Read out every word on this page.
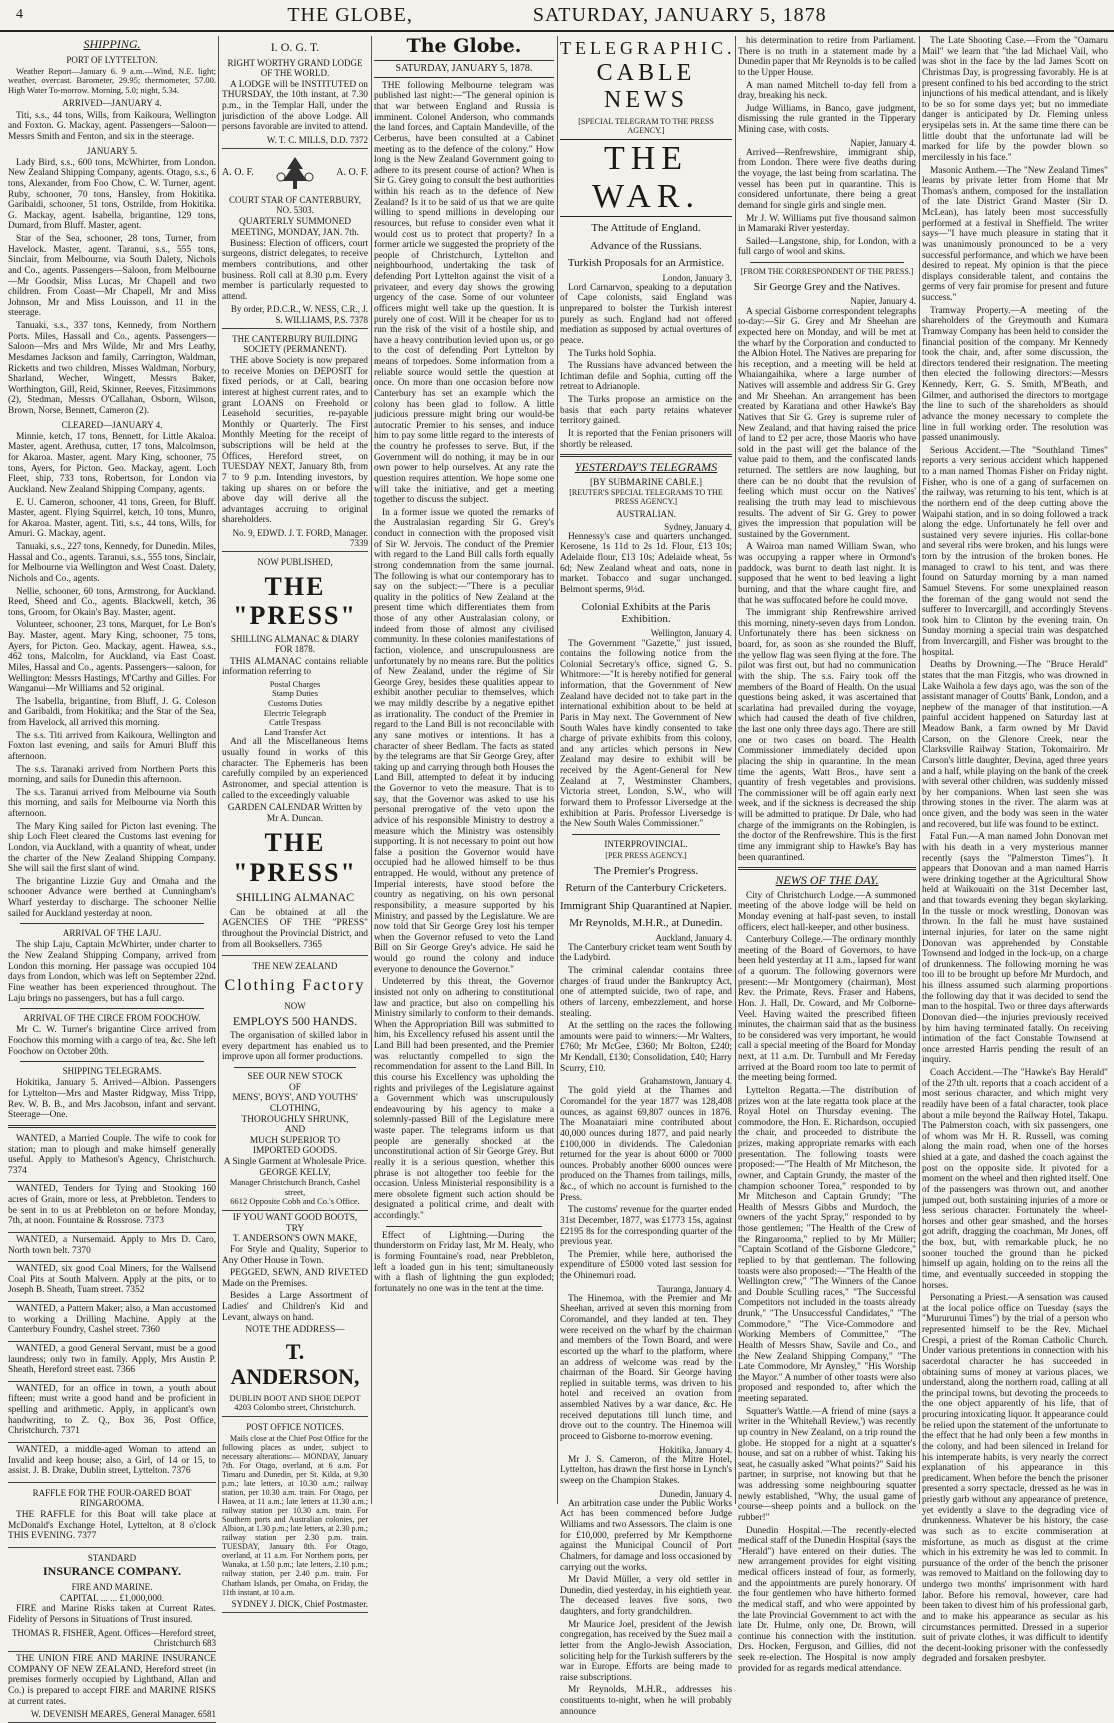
4	THE GLOBE,	SATURDAY, JANUARY 5, 1878
SHIPPING.
PORT OF LYTTELTON.

Weather Report—January 6. 9 a.m.—Wind, N.E. light; weather, overcast. Barometer, 29.95; thermometer, 57.00. High Water To-morrow. Morning, 5.0; night, 5.34.

ARRIVED—JANUARY 4.

Titi, s.s., 44 tons, Wills, from Kaikoura, Wellington and Foxton. G. Mackay, agent. Passengers—Saloon—Messrs Smith and Fenton, and six in the steerage.

JANUARY 5.

Lady Bird, s.s., 600 tons, McWhirter, from London. New Zealand Shipping Company, agents. Otago, s.s., 6 tons, Alexander, from Foo Chow, C. W. Turner, agent. Ruby, schooner, 70 tons, Hansley, from Hokitika. Garibaldi, schooner, 51 tons, Ostrilde, from Hokitika. G. Mackay, agent. Isabella, brigantine, 129 tons, Dumard, from Bluff. Master, agent.

Star of the Sea, schooner, 28 tons, Turner, from Havelock. Master, agent. Taranui, s.s., 555 tons, Sinclair, from Melbourne, via South Dalety, Nichols and Co., agents. Passengers—Saloon, from Melbourne—Mr Goodsir, Miss Lucas, Mr Chapell and two children. From Coast—Mr Chapell, Mr and Miss Johnson, Mr and Miss Louisson, and 11 in the steerage.

Tanuaki, s.s., 337 tons, Kennedy, from Northern Ports. Miles, Hassall and Co., agents. Passengers—Saloon—Mrs and Mrs Wilde, Mr and Mrs Leathy, Mesdames Jackson and family, Carrington, Waldman, Ricketts and two children, Misses Waldman, Norbury, Sharland, Wecher, Wingett, Messrs Baker, Worthington, Gill, Reid, Skinner, Reeves, Fitzsimmons (2), Stedman, Messrs O'Callahan, Osborn, Wilson, Brown, Norse, Bennett, Cameron (2).

CLEARED—JANUARY 4.

Minnie, ketch, 17 tons, Bennett, for Little Akaloa. Master, agent. Arethusa, cutter, 17 tons, Malcolmson, for Akaroa. Master, agent. Mary King, schooner, 75 tons, Ayers, for Picton. Geo. Mackay, agent. Loch Fleet, ship, 733 tons, Robertson, for London via Auckland. New Zealand Shipping Company, agents.

E. U. Cameron, schooner, 41 tons, Green, for Bluff. Master, agent. Flying Squirrel, ketch, 10 tons, Munro, for Akaroa. Master, agent. Titi, s.s., 44 tons, Wills, for Amuri. G. Mackay, agent.

Tanuaki, s.s., 227 tons, Kennedy, for Dunedin. Miles, Hassal and Co., agents. Taranui, s.s., 555 tons, Sinclair, for Melbourne via Wellington and West Coast. Dalety, Nichols and Co., agents.

Nellie, schooner, 60 tons, Armstrong, for Auckland. Reed, Sheed and Co., agents. Blackwell, ketch, 36 tons, Groom, for Okain's Bay. Master, agent.

Volunteer, schooner, 23 tons, Marquet, for Le Bon's Bay. Master, agent. Mary King, schooner, 75 tons, Ayers, for Picton. Geo. Mackay, agent. Hawea, s.s., 462 tons, Malcolm, for Auckland, via East Coast. Miles, Hassal and Co., agents. Passengers—saloon, for Wellington: Messrs Hastings, M'Carthy and Gilles. For Wanganui—Mr Williams and 52 original.

The Isabella, brigantine, from Bluff, J. G. Coleson and Garibaldi, from Hokitika; and the Star of the Sea, from Havelock, all arrived this morning.

The s.s. Titi arrived from Kaikoura, Wellington and Foxton last evening, and sails for Amuri Bluff this afternoon.

The s.s. Taranaki arrived from Northern Ports this morning, and sails for Dunedin this afternoon.

The s.s. Taranui arrived from Melbourne via South this morning, and sails for Melbourne via North this afternoon.

The Mary King sailed for Picton last evening. The ship Loch Fleet cleared the Customs last evening for London, via Auckland, with a quantity of wheat, under the charter of the New Zealand Shipping Company. She will sail the first slant of wind.

The brigantine Lizzie Guy and Omaha and the schooner Advance were berthed at Cunningham's Wharf yesterday to discharge. The schooner Nellie sailed for Auckland yesterday at noon.

ARRIVAL OF THE LAJU.

The ship Laju, Captain McWhirter, under charter to the New Zealand Shipping Company, arrived from London this morning. Her passage was occupied 104 days from London, which was left on September 22nd. Fine weather has been experienced throughout. The Laju brings no passengers, but has a full cargo.

ARRIVAL OF THE CIRCE FROM FOOCHOW.

Mr C. W. Turner's brigantine Circe arrived from Foochow this morning with a cargo of tea, &c. She left Foochow on October 20th.

SHIPPING TELEGRAMS.

Hokitika, January 5. Arrived—Albion. Passengers for Lyttelton—Mrs and Master Ridgway, Miss Tripp, Rev. W. B. B., and Mrs Jacobson, infant and servant. Steerage—One.

WANTED, a Married Couple. The wife to cook for station; man to plough and make himself generally useful. Apply to Matheson's Agency, Christchurch. 7374

WANTED, Tenders for Tying and Stooking 160 acres of Grain, more or less, at Prebbleton. Tenders to be sent in to us at Prebbleton on or before Monday, 7th, at noon. Fountaine & Rossrose. 7373

WANTED, a Nursemaid. Apply to Mrs D. Caro, North town belt. 7370

WANTED, six good Coal Miners, for the Wallsend Coal Pits at South Malvern. Apply at the pits, or to Joseph B. Sheath, Tuam street. 7352

WANTED, a Pattern Maker; also, a Man accustomed to working a Drilling Machine. Apply at the Canterbury Foundry, Cashel street. 7360

WANTED, a good General Servant, must be a good laundress; only two in family. Apply, Mrs Austin P. Sheath, Hereford street east. 7366

WANTED, for an office in town, a youth about fifteen; must write a good hand and be proficient in spelling and arithmetic. Apply, in applicant's own handwriting, to Z. Q., Box 36, Post Office, Christchurch. 7371

WANTED, a middle-aged Woman to attend an Invalid and keep house; also, a Girl, of 14 or 15, to assist. J. B. Drake, Dublin street, Lyttelton. 7376

RAFFLE FOR THE FOUR-OARED BOAT RINGAROOMA.

THE RAFFLE for this Boat will take place at McDonald's Exchange Hotel, Lyttelton, at 8 o'clock THIS EVENING. 7377

STANDARD
INSURANCE COMPANY.
FIRE AND MARINE.
CAPITAL ... ... £1,000,000.

FIRE and Marine Risks taken at Current Rates. Fidelity of Persons in Situations of Trust insured.

THOMAS R. FISHER, Agent. Offices—Hereford street, Christchurch 683

THE UNION FIRE AND MARINE INSURANCE COMPANY OF NEW ZEALAND, Hereford street (in premises formerly occupied by Lightband, Allan and Co.) is prepared to accept FIRE and MARINE RISKS at current rates.

W. DEVENISH MEARES, General Manager. 6581
I. O. G. T.
RIGHT WORTHY GRAND LODGE OF THE WORLD.

A LODGE will be INSTITUTED on THURSDAY, the 10th instant, at 7.30 p.m., in the Templar Hall, under the jurisdiction of the above Lodge. All persons favorable are invited to attend.

W. T. C. MILLS, D.D. 7372
A. O. F.	A. O. F.
COURT STAR OF CANTERBURY, NO. 5303.
QUARTERLY SUMMONED MEETING, MONDAY, JAN. 7th.

Business: Election of officers, court surgeons, district delegates, to receive members contributions, and other business. Roll call at 8.30 p.m. Every member is particularly requested to attend.

By order, P.D.C.R., W. NESS, C.R., J. S. WILLIAMS, P.S. 7378
THE CANTERBURY BUILDING SOCIETY (PERMANENT).

THE above Society is now prepared to receive Monies on DEPOSIT for fixed periods, or at Call, bearing interest at highest current rates, and to grant LOANS on Freehold or Leasehold securities, re-payable Monthly or Quarterly. The First Monthly Meeting for the receipt of subscriptions will be held at the Offices, Hereford street, on TUESDAY NEXT, January 8th, from 7 to 9 p.m. Intending investors, by taking up shares on or before the above day will derive all the advantages accruing to original shareholders.

No. 9, EDWD. J. T. FORD, Manager. 7339
NOW PUBLISHED,
THE "PRESS"
SHILLING ALMANAC & DIARY FOR 1878.

THIS ALMANAC contains reliable information referring to

Postal Charges
Stamp Duties
Customs Duties
Electric Telegraph
Cattle Trespass
Land Transfer Act

And all the Miscellaneous Items usually found in works of this character. The Ephemeris has been carefully compiled by an experienced Astronomer, and special attention is called to the exceedingly valuable

GARDEN CALENDAR Written by Mr A. Duncan.
THE "PRESS"
SHILLING ALMANAC

Can be obtained at all the AGENCIES OF THE "PRESS" throughout the Provincial District, and from all Booksellers. 7365

THE NEW ZEALAND
Clothing Factory
NOW
EMPLOYS 500 HANDS.

The organisation of skilled labor in every department has enabled us to improve upon all former productions.

SEE OUR NEW STOCK
OF
MENS', BOYS', AND YOUTHS'
CLOTHING,
THOROUGHLY SHRUNK,
AND
MUCH SUPERIOR TO
IMPORTED GOODS.
A Single Garment at Wholesale Price.
GEORGE KELLY,
Manager Christchurch Branch, Cashel street,
6612 Opposite Cobb and Co.'s Office.
IF YOU WANT GOOD BOOTS,
TRY
T. ANDERSON'S OWN MAKE,

For Style and Quality, Superior to Any Other House in Town.

PEGGED, SEWN, AND RIVETED Made on the Premises.

Besides a Large Assortment of Ladies' and Children's Kid and Levant, always on hand.

NOTE THE ADDRESS—
T. ANDERSON,
DUBLIN BOOT AND SHOE DEPOT
4203 Colombo street, Christchurch.
POST OFFICE NOTICES.

Mails close at the Chief Post Office for the following places as under, subject to necessary alterations:— MONDAY, January 7th. For Otago, overland, at 6 a.m. For Timaru and Dunedin, per St. Kilda, at 9.30 p.m.; late letters, at 10.30 a.m.; railway station, per 10.30 a.m. train. For Otago, per Hawea, at 11 a.m.; late letters at 11.30 a.m.; railway station per 10.30 a.m. train. For Southern ports and Australian colonies, per Albion, at 1.30 p.m.; late letters, at 2.30 p.m.; railway station per 2.30 p.m. train. TUESDAY, January 8th. For Otago, overland, at 11 a.m. For Northern ports, per Wanaka, at 1.50 p.m.; late letters, 2.10 p.m.; railway station, per 2.40 p.m. train. For Chatham Islands, per Omaha, on Friday, the 11th instant, at 10 a.m.

SYDNEY J. DICK, Chief Postmaster.
The Globe.
SATURDAY, JANUARY 5, 1878.

THE following Melbourne telegram was published last night:—"The general opinion is that war between England and Russia is imminent. Colonel Anderson, who commands the land forces, and Captain Mandeville, of the Cerberus, have been consulted at a Cabinet meeting as to the defence of the colony." How long is the New Zealand Government going to adhere to its present course of action? When is Sir G. Grey going to consult the best authorities within his reach as to the defence of New Zealand? Is it to be said of us that we are quite willing to spend millions in developing our resources, but refuse to consider even what it would cost us to protect that property? In a former article we suggested the propriety of the people of Christchurch, Lyttelton and neighbourhood, undertaking the task of defending Port Lyttelton against the visit of a privateer, and every day shows the growing urgency of the case. Some of our volunteer officers might well take up the question. It is purely one of cost. Will it be cheaper for us to run the risk of the visit of a hostile ship, and have a heavy contribution levied upon us, or go to the cost of defending Port Lyttelton by means of torpedoes. Some information from a reliable source would settle the question at once. On more than one occasion before now Canterbury has set an example which the colony has been glad to follow. A little judicious pressure might bring our would-be autocratic Premier to his senses, and induce him to pay some little regard to the interests of the country he professes to serve. But, if the Government will do nothing, it may be in our own power to help ourselves. At any rate the question requires attention. We hope some one will take the initiative, and get a meeting together to discuss the subject.

In a former issue we quoted the remarks of the Australasian regarding Sir G. Grey's conduct in connection with the proposed visit of Sir W. Jervois. The conduct of the Premier with regard to the Land Bill calls forth equally strong condemnation from the same journal. The following is what our contemporary has to say on the subject:—"There is a peculiar quality in the politics of New Zealand at the present time which differentiates them from those of any other Australasian colony, or indeed from those of almost any civilised community. In these colonies manifestations of faction, violence, and unscrupulousness are unfortunately by no means rare. But the politics of New Zealand, under the régime of Sir George Grey, besides these qualities appear to exhibit another peculiar to themselves, which we may mildly describe by a negative epithet as irrationality. The conduct of the Premier in regard to the Land Bill is not reconcilable with any sane motives or intentions. It has a character of sheer Bedlam. The facts as stated by the telegrams are that Sir George Grey, after taking up and carrying through both Houses the Land Bill, attempted to defeat it by inducing the Governor to veto the measure. That is to say, that the Governor was asked to use his personal prerogative of the veto upon the advice of his responsible Ministry to destroy a measure which the Ministry was ostensibly supporting. It is not necessary to point out how false a position the Governor would have occupied had he allowed himself to be thus entrapped. He would, without any pretence of Imperial interests, have stood before the country as negativing, on his own personal responsibility, a measure supported by his Ministry, and passed by the Legislature. We are now told that Sir George Grey lost his temper when the Governor refused to veto the Land Bill on Sir George Grey's advice. He said he would go round the colony and induce everyone to denounce the Governor."

Undeterred by this threat, the Governor insisted not only on adhering to constitutional law and practice, but also on compelling his Ministry similarly to conform to their demands. When the Appropriation Bill was submitted to him, his Excellency refused his assent until the Land Bill had been presented, and the Premier was reluctantly compelled to sign the recommendation for assent to the Land Bill. In this course his Excellency was upholding the rights and privileges of the Legislature against a Government which was unscrupulously endeavouring by his agency to make a solemnly-passed Bill of the Legislature mere waste paper. The telegrams inform us that people are generally shocked at the unconstitutional action of Sir George Grey. But really it is a serious question, whether this phrase is not altogether too feeble for the occasion. Unless Ministerial responsibility is a mere obsolete figment such action should be designated a political crime, and dealt with accordingly."

Effect of Lightning.—During the thunderstorm on Friday last, Mr M. Healy, who is forming Fountaine's road, near Prebbleton, left a loaded gun in his tent; simultaneously with a flash of lightning the gun exploded; fortunately no one was in the tent at the time.

TELEGRAPHIC.
CABLE NEWS
[SPECIAL TELEGRAM TO THE PRESS AGENCY.]
THE WAR.
The Attitude of England.
Advance of the Russians.
Turkish Proposals for an Armistice.
London, January 3.

Lord Carnarvon, speaking to a deputation of Cape colonists, said England was unprepared to bolster the Turkish interest purely as such. England had not offered mediation as supposed by actual overtures of peace.

The Turks hold Sophia.

The Russians have advanced between the Ichtiman defile and Sophia, cutting off the retreat to Adrianople.

The Turks propose an armistice on the basis that each party retains whatever territory gained.

It is reported that the Fenian prisoners will shortly be released.

YESTERDAY'S TELEGRAMS
[BY SUBMARINE CABLE.]
[REUTER'S SPECIAL TELEGRAMS TO THE PRESS AGENCY.]
AUSTRALIAN.
Sydney, January 4.

Hennessy's case and quarters unchanged. Kerosene, 1s 11d to 2s 1d. Flour, £13 10s; Adelaide flour, £13 10s; Adelaide wheat, 5s 6d; New Zealand wheat and oats, none in market. Tobacco and sugar unchanged. Belmont sperms, 9½d.

Colonial Exhibits at the Paris Exhibition.
Wellington, January 4.

The Government "Gazette," just issued, contains the following notice from the Colonial Secretary's office, signed G. S. Whitmore:—"It is hereby notified for general information, that the Government of New Zealand have decided not to take part in the international exhibition about to be held at Paris in May next. The Government of New South Wales have kindly consented to take charge of private exhibits from this colony, and any articles which persons in New Zealand may desire to exhibit will be received by the Agent-General for New Zealand at 7, Westminster Chambers, Victoria street, London, S.W., who will forward them to Professor Liversedge at the exhibition at Paris. Professor Liversedge is the New South Wales Commissioner."

INTERPROVINCIAL.
[PER PRESS AGENCY.]
The Premier's Progress.
Return of the Canterbury Cricketers.
Immigrant Ship Quarantined at Napier.
Mr Reynolds, M.H.R., at Dunedin.
Auckland, January 4.

The Canterbury cricket team went South by the Ladybird.

The criminal calendar contains three charges of fraud under the Bankruptcy Act, one of attempted suicide, two of rape, and others of larceny, embezzlement, and horse stealing.

At the settling on the races the following amounts were paid to winners:—Mr Walters, £760; Mr McGee, £360; Mr Bolton, £240; Mr Kendall, £130; Consolidation, £40; Harry Scurry, £10.

Grahamstown, January 4.

The gold yield at the Thames and Coromandel for the year 1877 was 128,408 ounces, as against 69,807 ounces in 1876. The Moanataiari mine contributed about 40,000 ounces during 1877, and paid nearly £100,000 in dividends. The Caledonian returned for the year is about 6000 or 7000 ounces. Probably another 6000 ounces were produced on the Thames from tailings, mills, &c., of which no account is furnished to the Press.

The customs' revenue for the quarter ended 31st December, 1877, was £1773 15s, against £2195 8s for the corresponding quarter of the previous year.

The Premier, while here, authorised the expenditure of £5000 voted last session for the Ohinemuri road.

Tauranga, January 4.

The Hinemoa, with the Premier and Mr Sheehan, arrived at seven this morning from Coromandel, and they landed at ten. They were received on the wharf by the chairman and members of the Town Board, and were escorted up the wharf to the platform, where an address of welcome was read by the chairman of the Board. Sir George having replied in suitable terms, was driven to his hotel and received an ovation from assembled Natives by a war dance, &c. He received deputations till lunch time, and drove out to the country. The Hinemoa will proceed to Gisborne to-morrow evening.

Hokitika, January 4.

Mr J. S. Cameron, of the Mitre Hotel, Lyttelton, has drawn the first horse in Lynch's sweep on the Champion Stakes.

Dunedin, January 4.

An arbitration case under the Public Works Act has been commenced before Judge Williams and two Assessors. The claim is one for £10,000, preferred by Mr Kempthorne against the Municipal Council of Port Chalmers, for damage and loss occasioned by carrying out the works.

Mr David Müller, a very old settler in Dunedin, died yesterday, in his eightieth year. The deceased leaves five sons, two daughters, and forty grandchildren.

Mr Maurice Joel, president of the Jewish congregation, has received by the Suez mail a letter from the Anglo-Jewish Association, soliciting help for the Turkish sufferers by the war in Europe. Efforts are being made to raise subscriptions.

Mr Reynolds, M.H.R., addresses his constituents to-night, when he will probably announce

his determination to retire from Parliament. There is no truth in a statement made by a Dunedin paper that Mr Reynolds is to be called to the Upper House.

A man named Mitchell to-day fell from a dray, breaking his neck.

Judge Williams, in Banco, gave judgment, dismissing the rule granted in the Tipperary Mining case, with costs.

Napier, January 4.

Arrived—Renfrewshire, immigrant ship, from London. There were five deaths during the voyage, the last being from scarlatina. The vessel has been put in quarantine. This is considered unfortunate, there being a great demand for single girls and single men.

Mr J. W. Williams put five thousand salmon in Mamaraki River yesterday.

Sailed—Langstone, ship, for London, with a full cargo of wool and skins.

[FROM THE CORRESPONDENT OF THE PRESS.]
Sir George Grey and the Natives.
Napier, January 4.

A special Gisborne correspondent telegraphs to-day:—Sir G. Grey and Mr Sheehan are expected here on Monday, and will be met at the wharf by the Corporation and conducted to the Albion Hotel. The Natives are preparing for his reception, and a meeting will be held at Whaiangaihika, where a large number of Natives will assemble and address Sir G. Grey and Mr Sheehan. An arrangement has been created by Karatiana and other Hawke's Bay Natives that Sir G. Grey is supreme ruler of New Zealand, and that having raised the price of land to £2 per acre, those Maoris who have sold in the past will get the balance of the value paid to them, and the confiscated lands returned. The settlers are now laughing, but there can be no doubt that the revulsion of feeling which must occur on the Natives' realising the truth may lead to mischievous results. The advent of Sir G. Grey to power gives the impression that population will be sustained by the Government.

A Wairoa man named William Swan, who was occupying a rapper where in Ormond's paddock, was burnt to death last night. It is supposed that he went to bed leaving a light burning, and that the whare caught fire, and that he was suffocated before he could move.

The immigrant ship Renfrewshire arrived this morning, ninety-seven days from London. Unfortunately there has been sickness on board, for, as soon as she rounded the Bluff, the yellow flag was seen flying at the fore. The pilot was first out, but had no communication with the ship. The s.s. Fairy took off the members of the Board of Health. On the usual questions being asked, it was ascertained that scarlatina had prevailed during the voyage, which had caused the death of five children, the last one only three days ago. There are still one or two cases on board. The Health Commissioner immediately decided upon placing the ship in quarantine. In the mean time the agents, Watt Bros., have sent a quantity of fresh vegetables and provisions. The commissioner will be off again early next week, and if the sickness is decreased the ship will be admitted to pratique. Dr Dale, who had charge of the immigrants on the Robinglen, is the doctor of the Renfrewshire. This is the first time any immigrant ship to Hawke's Bay has been quarantined.

NEWS OF THE DAY.

City of Christchurch Lodge.—A summoned meeting of the above lodge will be held on Monday evening at half-past seven, to install officers, elect hall-keeper, and other business.

Canterbury College.—The ordinary monthly meeting of the Board of Governors, to have been held yesterday at 11 a.m., lapsed for want of a quorum. The following governors were present:—Mr Montgomery (chairman), Most Rev. the Primate, Revs. Fraser and Habens, Hon. J. Hall, Dr. Coward, and Mr Colborne-Veel. Having waited the prescribed fifteen minutes, the chairman said that as the business to be considered was very important, he would call a special meeting of the Board for Monday next, at 11 a.m. Dr. Turnbull and Mr Fereday arrived at the Board room too late to permit of the meeting being formed.

Lyttelton Regatta.—The distribution of prizes won at the late regatta took place at the Royal Hotel on Thursday evening. The commodore, the Hon. E. Richardson, occupied the chair, and proceeded to distribute the prizes, making appropriate remarks with each presentation. The following toasts were proposed:—"The Health of Mr Mitcheson, the owner, and Captain Grundy, the master of the champion schooner Torea," responded to by Mr Mitcheson and Captain Grundy; "The Health of Messrs Gibbs and Murdoch, the owners of the yacht Spray," responded to by those gentlemen; "The Health of the Crew of the Ringarooma," replied to by Mr Müller; "Captain Scotland of the Gisborne Gledcore," replied to by that gentleman. The following toasts were also proposed:—"The Health of the Wellington crew," "The Winners of the Canoe and Double Sculling races," "The Successful Competitors not included in the toasts already drunk," "The Unsuccessful Candidates," "The Commodore," "The Vice-Commodore and Working Members of Committee," "The Health of Messrs Shaw, Savile and Co., and the New Zealand Shipping Company," "The Late Commodore, Mr Aynsley," "His Worship the Mayor." A number of other toasts were also proposed and responded to, after which the meeting separated.

Squatter's Wattle.—A friend of mine (says a writer in the 'Whitehall Review,') was recently up country in New Zealand, on a trip round the globe. He stopped for a night at a squatter's house, and sat on a rubber of whist. Taking his seat, he casually asked "What points?" Said his partner, in surprise, not knowing but that he was addressing some neighbouring squatter newly established, "Why, the usual game of course—sheep points and a bullock on the rubber!"

Dunedin Hospital.—The recently-elected medical staff of the Dunedin Hospital (says the "Herald") have entered on their duties. The new arrangement provides for eight visiting medical officers instead of four, as formerly, and the appointments are purely honorary. Of the four gentlemen who have hitherto formed the medical staff, and who were appointed by the late Provincial Government to act with the late Dr. Hulme, only one, Dr. Brown, will continue his connection with the institution. Drs. Hocken, Ferguson, and Gillies, did not seek re-election. The Hospital is now amply provided for as regards medical attendance.

The Late Shooting Case.—From the "Oamaru Mail" we learn that "the lad Michael Vail, who was shot in the face by the lad James Scott on Christmas Day, is progressing favorably. He is at present confined to his bed according to the strict injunctions of his medical attendant, and is likely to be so for some days yet; but no immediate danger is anticipated by Dr. Fleming unless erysipelas sets in. At the same time there can be little doubt that the unfortunate lad will be marked for life by the powder blown so mercilessly in his face."

Masonic Anthem.—The "New Zealand Times" learns by private letter from Home that Mr Thomas's anthem, composed for the installation of the late District Grand Master (Sir D. McLean), has lately been most successfully performed at a festival in Sheffield. The writer says—"I have much pleasure in stating that it was unanimously pronounced to be a very successful performance, and which we have been desired to repeat. My opinion is that the piece displays considerable talent, and contains the germs of very fair promise for present and future success."

Tramway Property.—A meeting of the shareholders of the Greymouth and Kumara Tramway Company has been held to consider the financial position of the company. Mr Kennedy took the chair, and, after some discussion, the directors tendered their resignation. The meeting then elected the following directors:—Messrs Kennedy, Kerr, G. S. Smith, M'Beath, and Gilmer, and authorised the directors to mortgage the line to such of the shareholders as should advance the money necessary to complete the line in full working order. The resolution was passed unanimously.

Serious Accident.—The "Southland Times" reports a very serious accident which happened to a man named Thomas Fisher on Friday night. Fisher, who is one of a gang of surfacemen on the railway, was returning to his tent, which is at the northern end of the deep cutting above the Waipahi station, and in so doing followed a track along the edge. Unfortunately he fell over and sustained very severe injuries. His collar-bone and several ribs were broken, and his lungs were torn by the intrusion of the broken bones. He managed to crawl to his tent, and was there found on Saturday morning by a man named Samuel Stevens. For some unexplained reason the foreman of the gang would not send the sufferer to Invercargill, and accordingly Stevens took him to Clinton by the evening train. On Sunday morning a special train was despatched from Invercargill, and Fisher was brought to the hospital.

Deaths by Drowning.—The "Bruce Herald" states that the man Fitzgis, who was drowned in Lake Waihola a few days ago, was the son of the assistant manager of Coutts' Bank, London, and a nephew of the manager of that institution.—A painful accident happened on Saturday last at Meadow Bank, a farm owned by Mr David Carson, on the Glenore Creek, near the Clarksville Railway Station, Tokomairiro. Mr Carson's little daughter, Devina, aged three years and a half, while playing on the bank of the creek with several other children, was suddenly missed by her companions. When last seen she was throwing stones in the river. The alarm was at once given, and the body was seen in the water and recovered, but life was found to be extinct.

Fatal Fun.—A man named John Donovan met with his death in a very mysterious manner recently (says the "Palmerston Times"). It appears that Donovan and a man named Harris were drinking together at the Agricultural Show held at Waikouaiti on the 31st December last, and that towards evening they began skylarking. In the tussle or mock wrestling, Donovan was thrown. In the fall he must have sustained internal injuries, for later on the same night Donovan was apprehended by Constable Townsend and lodged in the lock-up, on a charge of drunkenness. The following morning he was too ill to be brought up before Mr Murdoch, and his illness assumed such alarming proportions the following day that it was decided to send the man to the hospital. Two or three days afterwards Donovan died—the injuries previously received by him having terminated fatally. On receiving intimation of the fact Constable Townsend at once arrested Harris pending the result of an inquiry.

Coach Accident.—The "Hawke's Bay Herald" of the 27th ult. reports that a coach accident of a most serious character, and which might very readily have been of a fatal character, took place about a mile beyond the Railway Hotel, Takapu. The Palmerston coach, with six passengers, one of whom was Mr H. R. Russell, was coming along the main road, when one of the horses shied at a gate, and dashed the coach against the post on the opposite side. It pivoted for a moment on the wheel and then righted itself. One of the passengers was thrown out, and another jumped out, both sustaining injuries of a more or less serious character. Fortunately the wheel-horses and other gear smashed, and the horses got adrift, dragging the coachman, Mr Jones, off the box, but, with remarkable pluck, he no sooner touched the ground than he picked himself up again, holding on to the reins all the time, and eventually succeeded in stopping the horses.

Personating a Priest.—A sensation was caused at the local police office on Tuesday (says the "Mururunui Times") by the trial of a person who represented himself to be the Rev. Michael Crespi, a priest of the Roman Catholic Church. Under various pretentions in connection with his sacerdotal character he has succeeded in obtaining sums of money at various places, we understand, along the northern road, calling at all the principal towns, but devoting the proceeds to the one object apparently of his life, that of procuring intoxicating liquor. It appearance could be relied upon the statement of the unfortunate to the effect that he had only been a few months in the colony, and had been silenced in Ireland for his intemperate habits, is very nearly the correct explanation of his appearance in this predicament. When before the bench the prisoner presented a sorry spectacle, dressed as he was in priestly garb without any appearance of pretence, yet evidently a slave to the degrading vice of drunkenness. Whatever be his history, the case was such as to excite commiseration at misfortune, as much as disgust at the crime which in his extremity he was led to commit. In pursuance of the order of the bench the prisoner was removed to Maitland on the following day to undergo two months' imprisonment with hard labor. Before his removal, however, care had been taken to divest him of his professional garb, and to make his appearance as secular as his circumstances permitted. Dressed in a superior suit of private clothes, it was difficult to identify the decent-looking prisoner with the confessedly degraded and forsaken presbyter.
